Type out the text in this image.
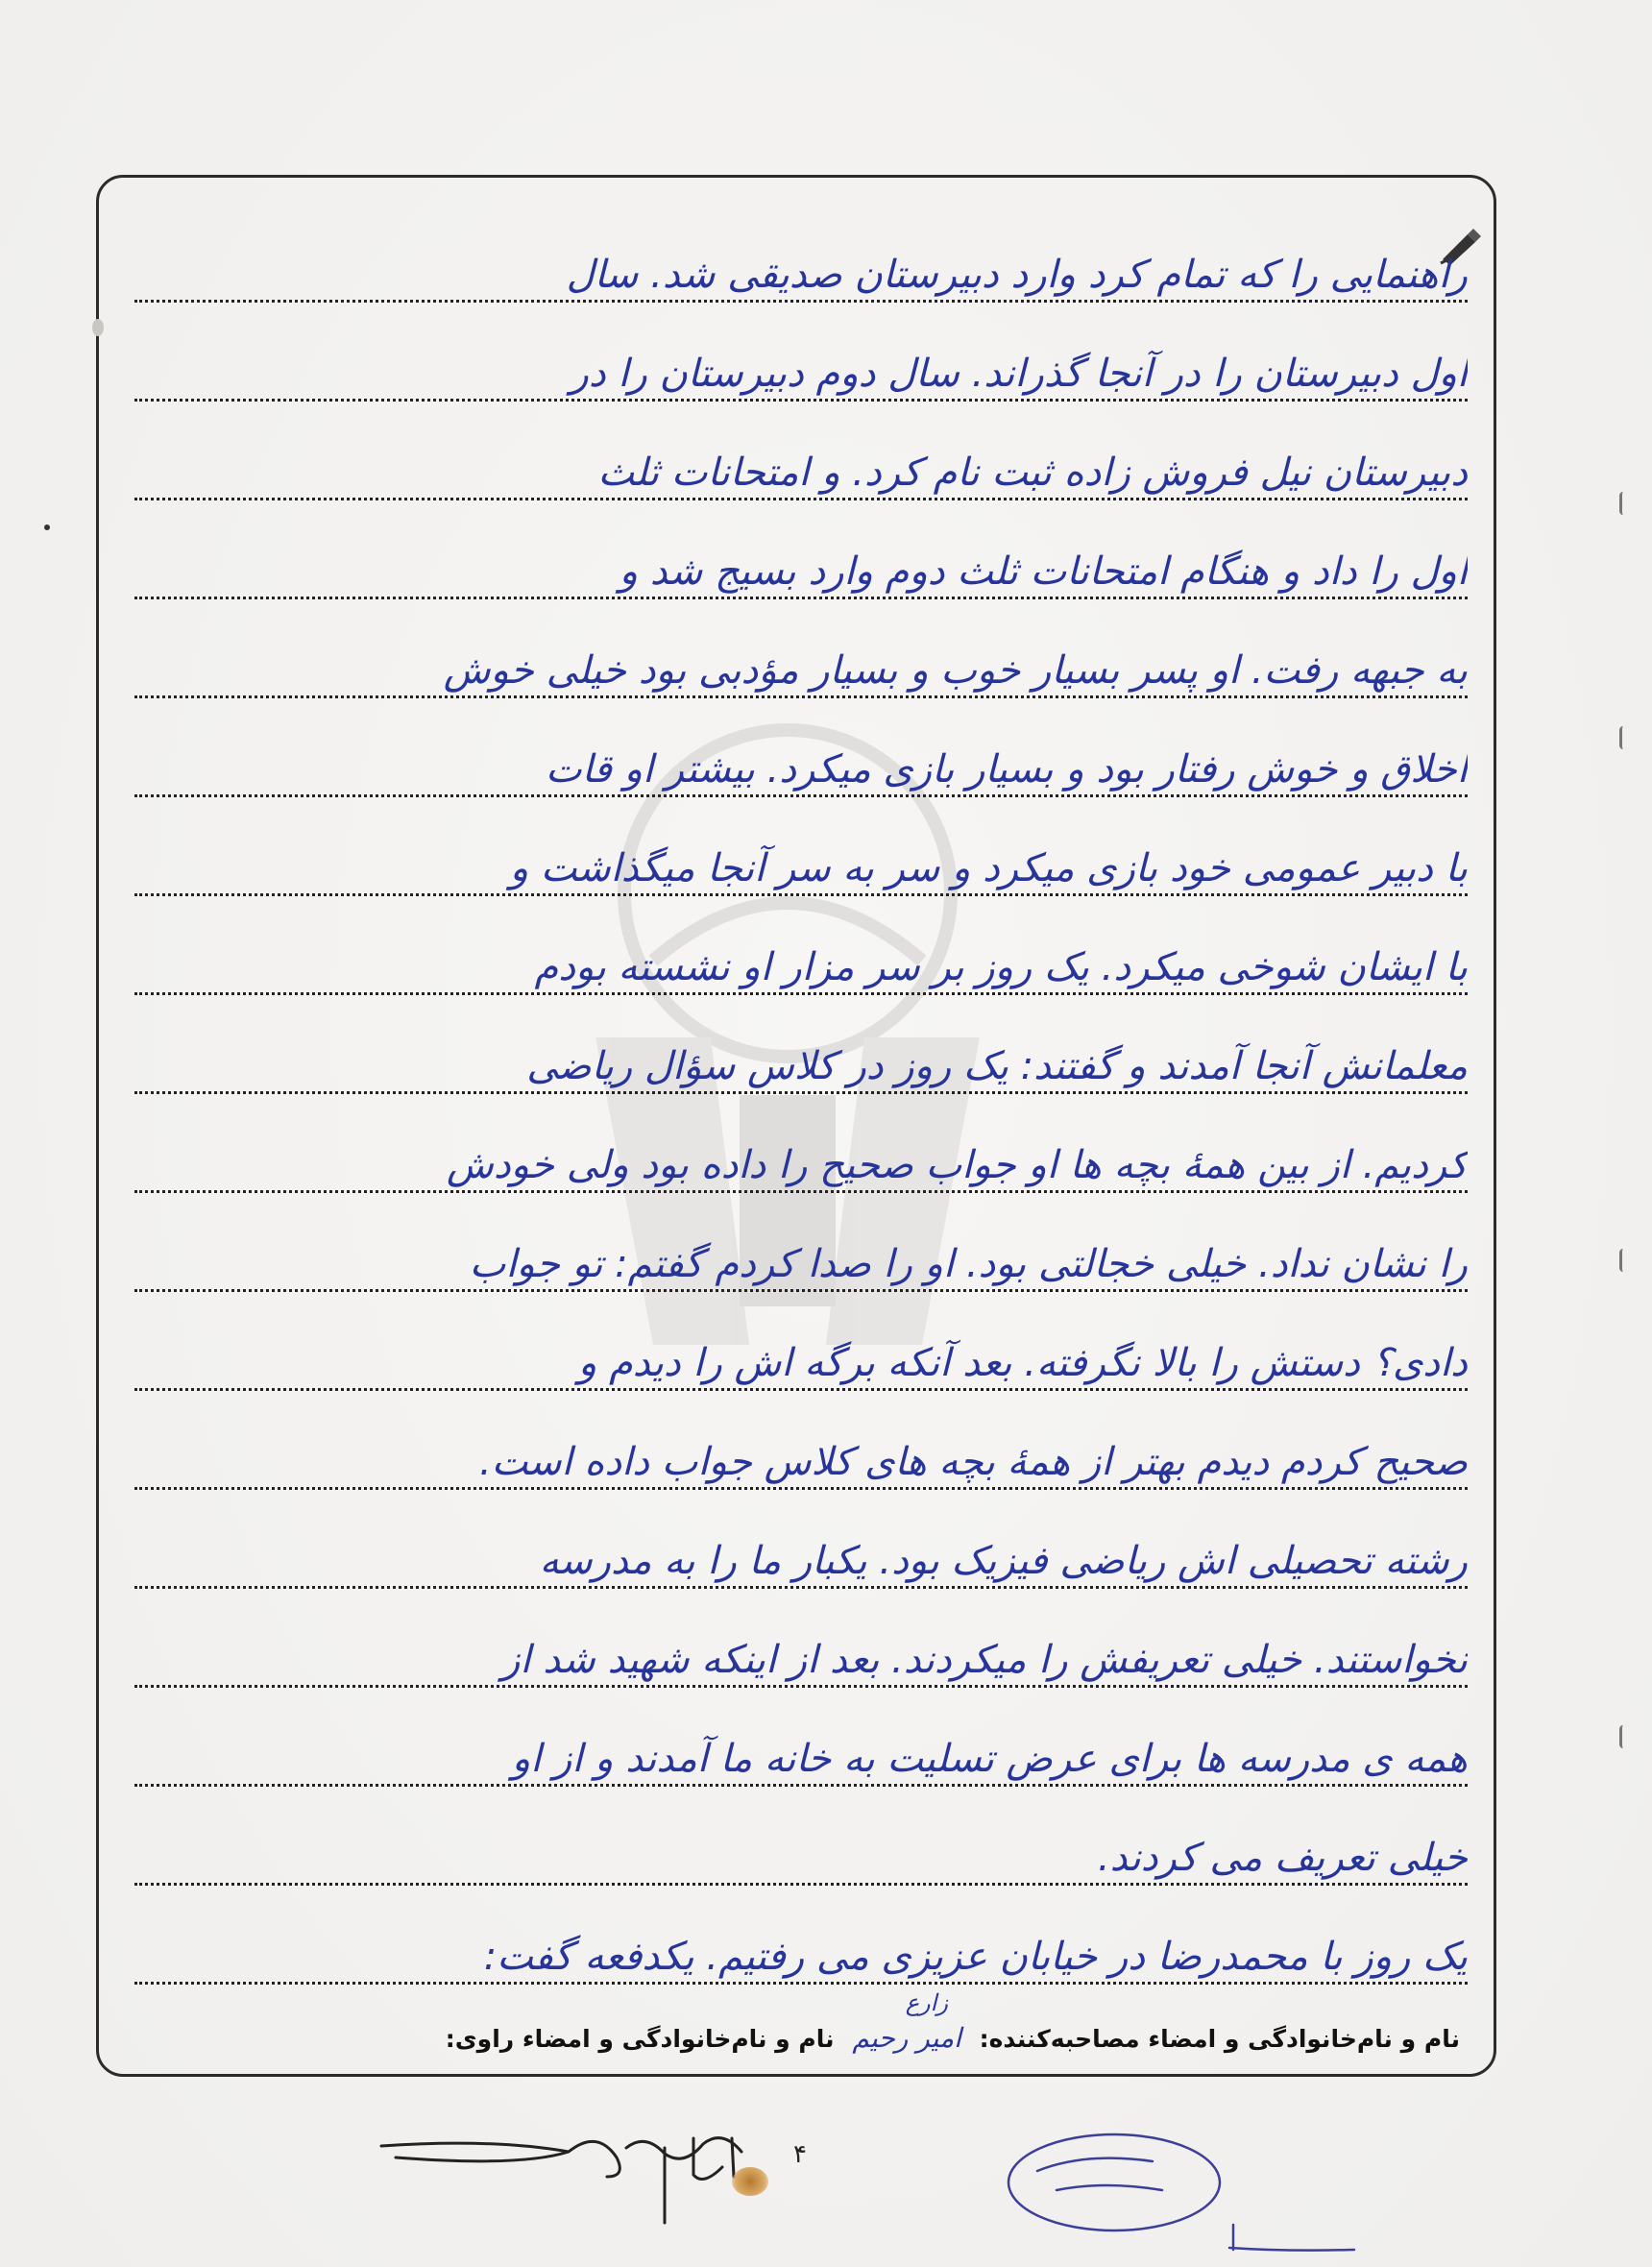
راهنمایی را که تمام کرد وارد دبیرستان صدیقی شد. سال
اول دبیرستان را در آنجا گذراند. سال دوم دبیرستان را در
دبیرستان نیل فروش زاده ثبت نام کرد. و امتحانات ثلث
اول را داد و هنگام امتحانات ثلث دوم وارد بسیج شد و
به جبهه رفت. او پسر بسیار خوب و بسیار مؤدبی بود خیلی خوش
اخلاق و خوش رفتار بود و بسیار بازی میکرد. بیشتر او قات
با دبیر عمومی خود بازی میکرد و سر به سر آنجا میگذاشت و
با ایشان شوخی میکرد. یک روز بر سر مزار او نشسته بودم
معلمانش آنجا آمدند و گفتند: یک روز در کلاس سؤال ریاضی
کردیم. از بین همهٔ بچه ها او جواب صحیح را داده بود ولی خودش
را نشان نداد. خیلی خجالتی بود. او را صدا کردم گفتم: تو جواب
دادی؟ دستش را بالا نگرفته. بعد آنکه برگه اش را دیدم و
صحیح کردم دیدم بهتر از همهٔ بچه های کلاس جواب داده است.
رشته تحصیلی اش ریاضی فیزیک بود. یکبار ما را به مدرسه
نخواستند. خیلی تعریفش را میکردند. بعد از اینکه شهید شد از
همه ی مدرسه ها برای عرض تسلیت به خانه ما آمدند و از او
خیلی تعریف می کردند.
یک روز با محمدرضا در خیابان عزیزی می رفتیم. یکدفعه گفت:
نام و نام‌خانوادگی و امضاء مصاحبه‌کننده: امیر رحیم
زارع
نام و نام‌خانوادگی و امضاء راوی:
۴
